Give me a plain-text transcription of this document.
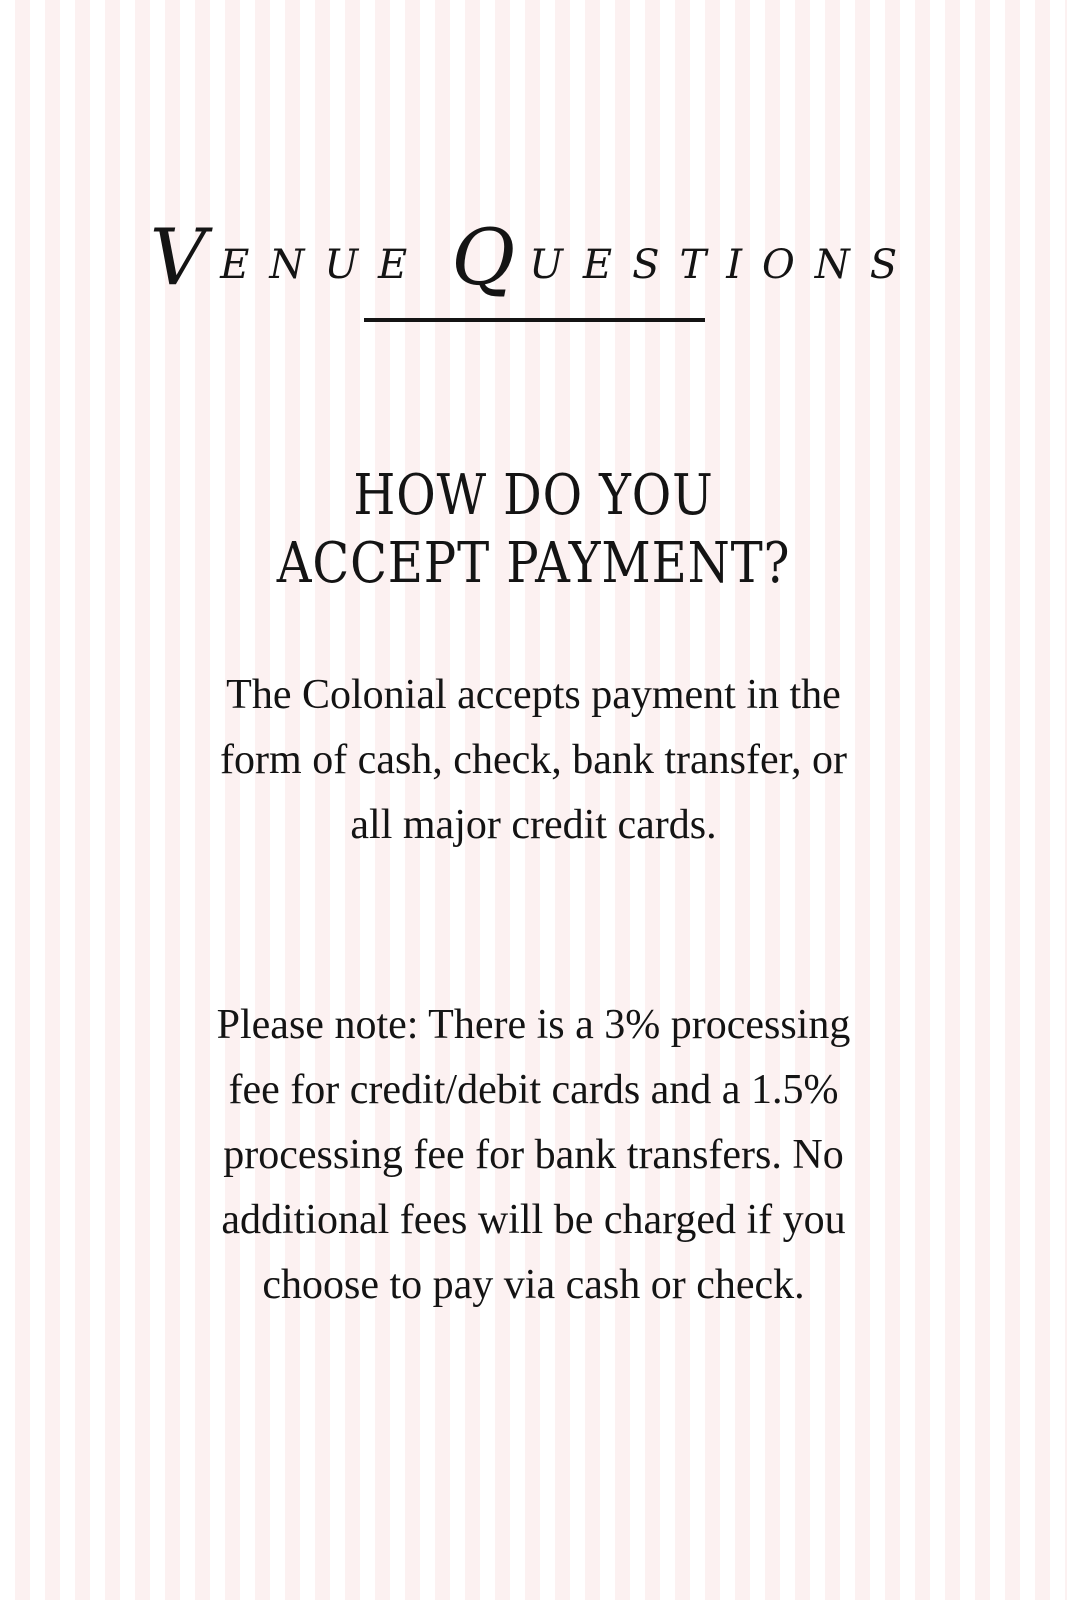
VENUE QUESTIONS
HOW DO YOU ACCEPT PAYMENT?

The Colonial accepts payment in the form of cash, check, bank transfer, or all major credit cards.

Please note: There is a 3% processing fee for credit/debit cards and a 1.5% processing fee for bank transfers. No additional fees will be charged if you choose to pay via cash or check.
